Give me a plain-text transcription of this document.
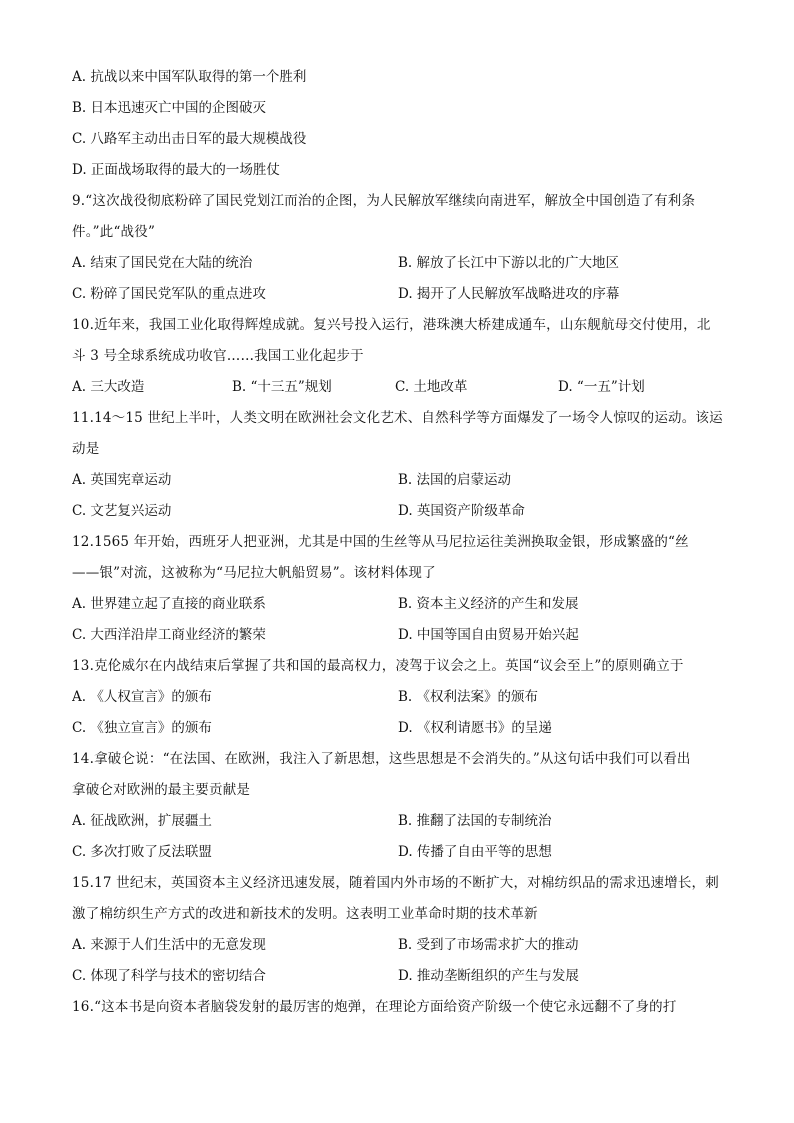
A. 抗战以来中国军队取得的第一个胜利
B. 日本迅速灭亡中国的企图破灭
C. 八路军主动出击日军的最大规模战役
D. 正面战场取得的最大的一场胜仗
9.“这次战役彻底粉碎了国民党划江而治的企图，为人民解放军继续向南进军，解放全中国创造了有利条
件。”此“战役”
A. 结束了国民党在大陆的统治	B. 解放了长江中下游以北的广大地区
C. 粉碎了国民党军队的重点进攻	D. 揭开了人民解放军战略进攻的序幕
10.近年来，我国工业化取得辉煌成就。复兴号投入运行，港珠澳大桥建成通车，山东舰航母交付使用，北
斗 3 号全球系统成功收官……我国工业化起步于
A. 三大改造	B. “十三五”规划	C. 土地改革	D. “一五”计划
11.14～15 世纪上半叶，人类文明在欧洲社会文化艺术、自然科学等方面爆发了一场令人惊叹的运动。该运
动是
A. 英国宪章运动	B. 法国的启蒙运动
C. 文艺复兴运动	D. 英国资产阶级革命
12.1565 年开始，西班牙人把亚洲，尤其是中国的生丝等从马尼拉运往美洲换取金银，形成繁盛的“丝
——银”对流，这被称为“马尼拉大帆船贸易”。该材料体现了
A. 世界建立起了直接的商业联系	B. 资本主义经济的产生和发展
C. 大西洋沿岸工商业经济的繁荣	D. 中国等国自由贸易开始兴起
13.克伦威尔在内战结束后掌握了共和国的最高权力，凌驾于议会之上。英国“议会至上”的原则确立于
A. 《人权宣言》的颁布	B. 《权利法案》的颁布
C. 《独立宣言》的颁布	D. 《权利请愿书》的呈递
14.拿破仑说：“在法国、在欧洲，我注入了新思想，这些思想是不会消失的。”从这句话中我们可以看出
拿破仑对欧洲的最主要贡献是
A. 征战欧洲，扩展疆土	B. 推翻了法国的专制统治
C. 多次打败了反法联盟	D. 传播了自由平等的思想
15.17 世纪末，英国资本主义经济迅速发展，随着国内外市场的不断扩大，对棉纺织品的需求迅速增长，刺
激了棉纺织生产方式的改进和新技术的发明。这表明工业革命时期的技术革新
A. 来源于人们生活中的无意发现	B. 受到了市场需求扩大的推动
C. 体现了科学与技术的密切结合	D. 推动垄断组织的产生与发展
16.“这本书是向资本者脑袋发射的最厉害的炮弹，在理论方面给资产阶级一个使它永远翻不了身的打
